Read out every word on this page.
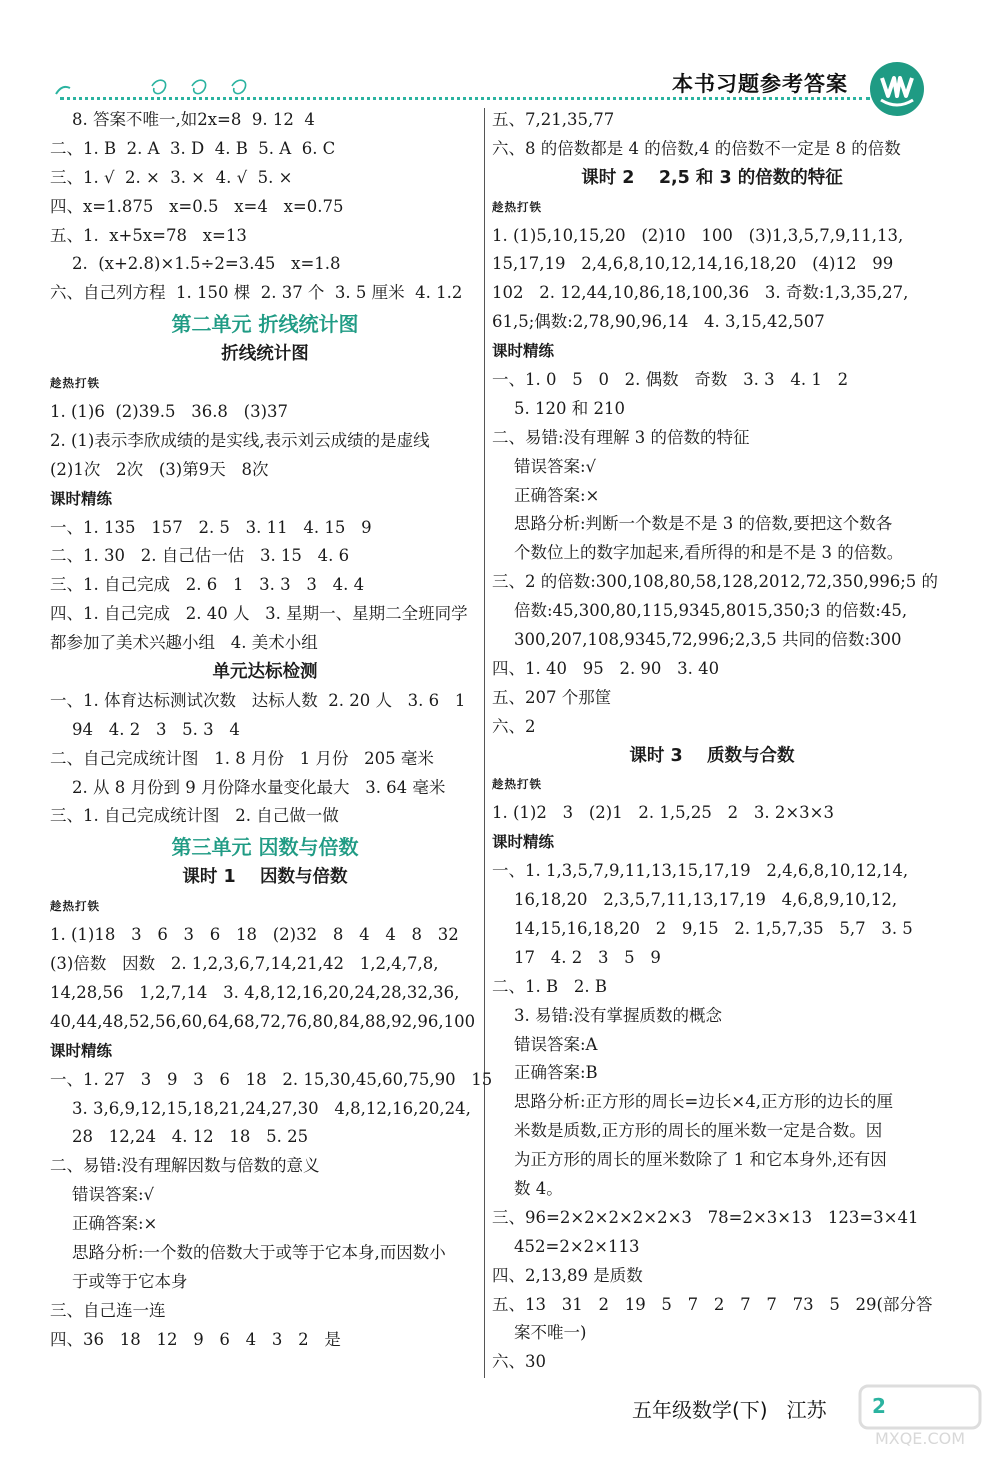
本书习题参考答案
8. 答案不唯一,如2x=8  9. 12  4
二、1. B  2. A  3. D  4. B  5. A  6. C
三、1. √  2. ×  3. ×  4. √  5. ×
四、x=1.875   x=0.5   x=4   x=0.75
五、1.  x+5x=78   x=13
2.  (x+2.8)×1.5÷2=3.45   x=1.8
六、自己列方程  1. 150 棵  2. 37 个  3. 5 厘米  4. 1.2
第二单元 折线统计图
折线统计图
趁热打铁
1. (1)6  (2)39.5   36.8   (3)37
2. (1)表示李欣成绩的是实线,表示刘云成绩的是虚线
(2)1次   2次   (3)第9天   8次
课时精练
一、1. 135   157   2. 5   3. 11   4. 15   9
二、1. 30   2. 自己估一估   3. 15   4. 6
三、1. 自己完成   2. 6   1   3. 3   3   4. 4
四、1. 自己完成   2. 40 人   3. 星期一、星期二全班同学
都参加了美术兴趣小组   4. 美术小组
单元达标检测
一、1. 体育达标测试次数   达标人数  2. 20 人   3. 6   1
94   4. 2   3   5. 3   4
二、自己完成统计图   1. 8 月份   1 月份   205 毫米
2. 从 8 月份到 9 月份降水量变化最大   3. 64 毫米
三、1. 自己完成统计图   2. 自己做一做
第三单元 因数与倍数
课时 1    因数与倍数
趁热打铁
1. (1)18   3   6   3   6   18   (2)32   8   4   4   8   32
(3)倍数   因数   2. 1,2,3,6,7,14,21,42   1,2,4,7,8,
14,28,56   1,2,7,14   3. 4,8,12,16,20,24,28,32,36,
40,44,48,52,56,60,64,68,72,76,80,84,88,92,96,100
课时精练
一、1. 27   3   9   3   6   18   2. 15,30,45,60,75,90   15
3. 3,6,9,12,15,18,21,24,27,30   4,8,12,16,20,24,
28   12,24   4. 12   18   5. 25
二、易错:没有理解因数与倍数的意义
错误答案:√
正确答案:×
思路分析:一个数的倍数大于或等于它本身,而因数小
于或等于它本身
三、自己连一连
四、36   18   12   9   6   4   3   2   是
五、7,21,35,77
六、8 的倍数都是 4 的倍数,4 的倍数不一定是 8 的倍数
课时 2    2,5 和 3 的倍数的特征
趁热打铁
1. (1)5,10,15,20   (2)10   100   (3)1,3,5,7,9,11,13,
15,17,19   2,4,6,8,10,12,14,16,18,20   (4)12   99
102   2. 12,44,10,86,18,100,36   3. 奇数:1,3,35,27,
61,5;偶数:2,78,90,96,14   4. 3,15,42,507
课时精练
一、1. 0   5   0   2. 偶数   奇数   3. 3   4. 1   2
5. 120 和 210
二、易错:没有理解 3 的倍数的特征
错误答案:√
正确答案:×
思路分析:判断一个数是不是 3 的倍数,要把这个数各
个数位上的数字加起来,看所得的和是不是 3 的倍数。
三、2 的倍数:300,108,80,58,128,2012,72,350,996;5 的
倍数:45,300,80,115,9345,8015,350;3 的倍数:45,
300,207,108,9345,72,996;2,3,5 共同的倍数:300
四、1. 40   95   2. 90   3. 40
五、207 个那筐
六、2
课时 3    质数与合数
趁热打铁
1. (1)2   3   (2)1   2. 1,5,25   2   3. 2×3×3
课时精练
一、1. 1,3,5,7,9,11,13,15,17,19   2,4,6,8,10,12,14,
16,18,20   2,3,5,7,11,13,17,19   4,6,8,9,10,12,
14,15,16,18,20   2   9,15   2. 1,5,7,35   5,7   3. 5
17   4. 2   3   5   9
二、1. B   2. B
3. 易错:没有掌握质数的概念
错误答案:A
正确答案:B
思路分析:正方形的周长=边长×4,正方形的边长的厘
米数是质数,正方形的周长的厘米数一定是合数。因
为正方形的周长的厘米数除了 1 和它本身外,还有因
数 4。
三、96=2×2×2×2×2×3   78=2×3×13   123=3×41
452=2×2×113
四、2,13,89 是质数
五、13   31   2   19   5   7   2   7   7   73   5   29(部分答
案不唯一)
六、30
五年级数学(下)   江苏 2
MXQE.COM
